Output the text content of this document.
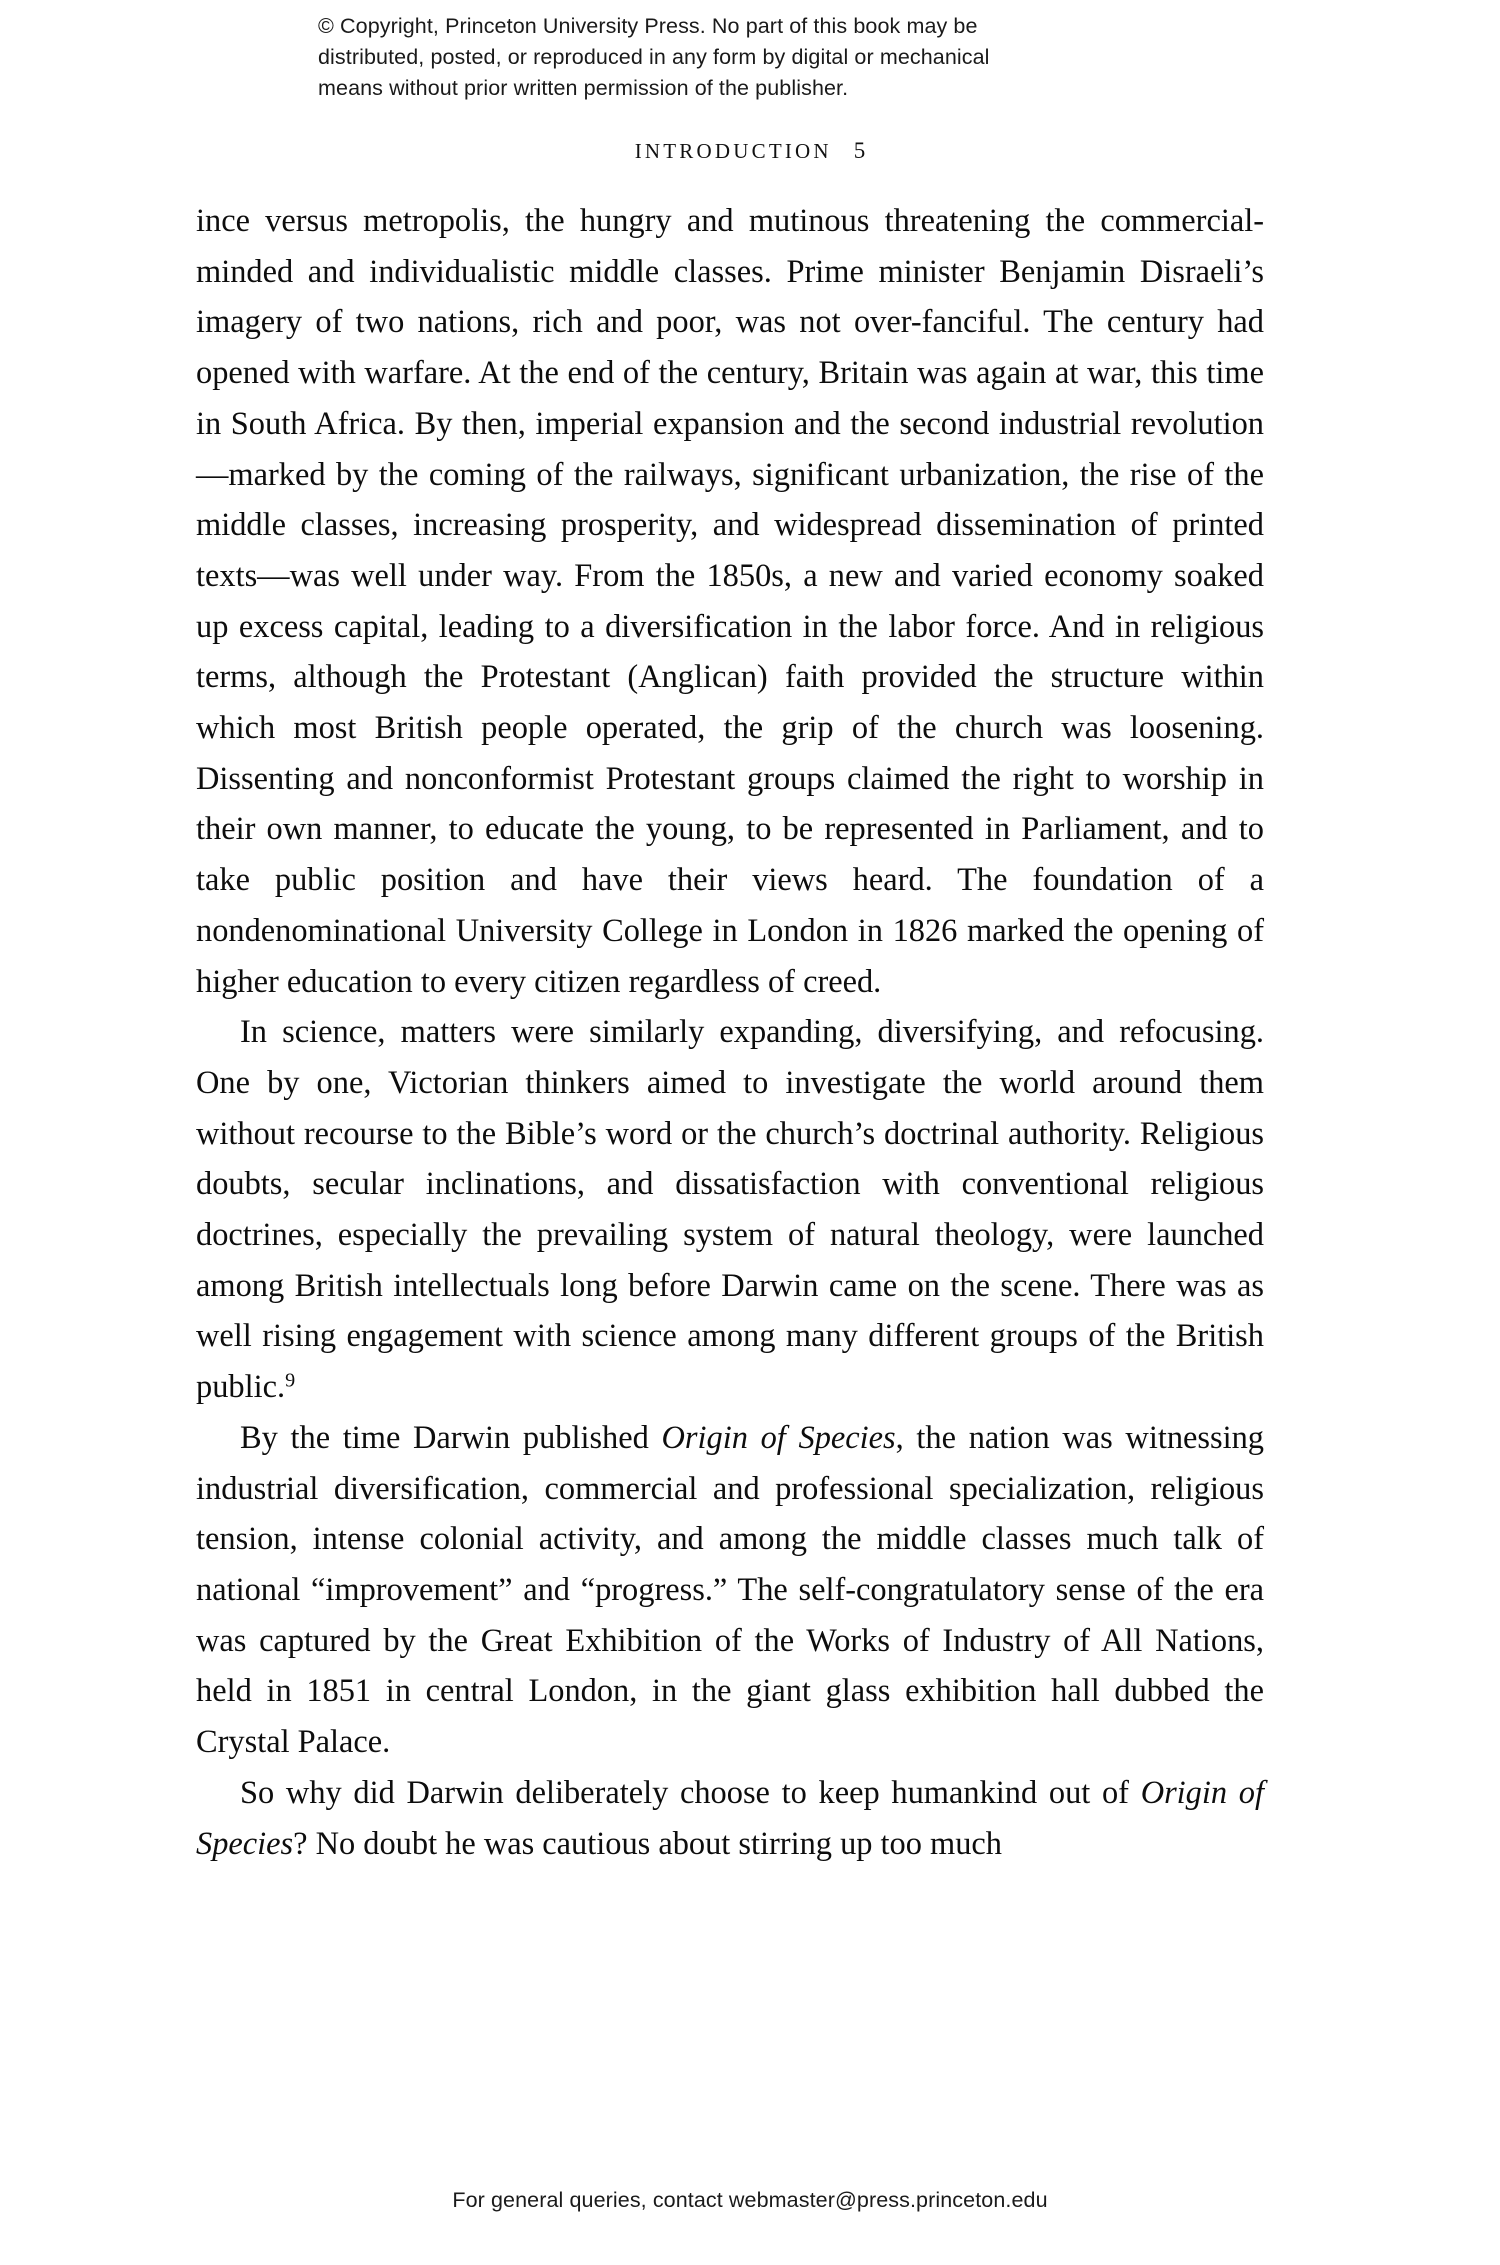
© Copyright, Princeton University Press. No part of this book may be
distributed, posted, or reproduced in any form by digital or mechanical
means without prior written permission of the publisher.
INTRODUCTION 5

ince versus metropolis, the hungry and mutinous threatening the commercial-minded and individualistic middle classes. Prime minister Benjamin Disraeli’s imagery of two nations, rich and poor, was not over-fanciful. The century had opened with warfare. At the end of the century, Britain was again at war, this time in South Africa. By then, imperial expansion and the second industrial revolution—marked by the coming of the railways, significant urbanization, the rise of the middle classes, increasing prosperity, and widespread dissemination of printed texts—was well under way. From the 1850s, a new and varied economy soaked up excess capital, leading to a diversification in the labor force. And in religious terms, although the Protestant (Anglican) faith provided the structure within which most British people operated, the grip of the church was loosening. Dissenting and nonconformist Protestant groups claimed the right to worship in their own manner, to educate the young, to be represented in Parliament, and to take public position and have their views heard. The foundation of a nondenominational University College in London in 1826 marked the opening of higher education to every citizen regardless of creed.

In science, matters were similarly expanding, diversifying, and refocusing. One by one, Victorian thinkers aimed to investigate the world around them without recourse to the Bible’s word or the church’s doctrinal authority. Religious doubts, secular inclinations, and dissatisfaction with conventional religious doctrines, especially the prevailing system of natural theology, were launched among British intellectuals long before Darwin came on the scene. There was as well rising engagement with science among many different groups of the British public.$^9$

By the time Darwin published Origin of Species, the nation was witnessing industrial diversification, commercial and professional specialization, religious tension, intense colonial activity, and among the middle classes much talk of national “improvement” and “progress.” The self-congratulatory sense of the era was captured by the Great Exhibition of the Works of Industry of All Nations, held in 1851 in central London, in the giant glass exhibition hall dubbed the Crystal Palace.

So why did Darwin deliberately choose to keep humankind out of Origin of Species? No doubt he was cautious about stirring up too much

For general queries, contact webmaster@press.princeton.edu
